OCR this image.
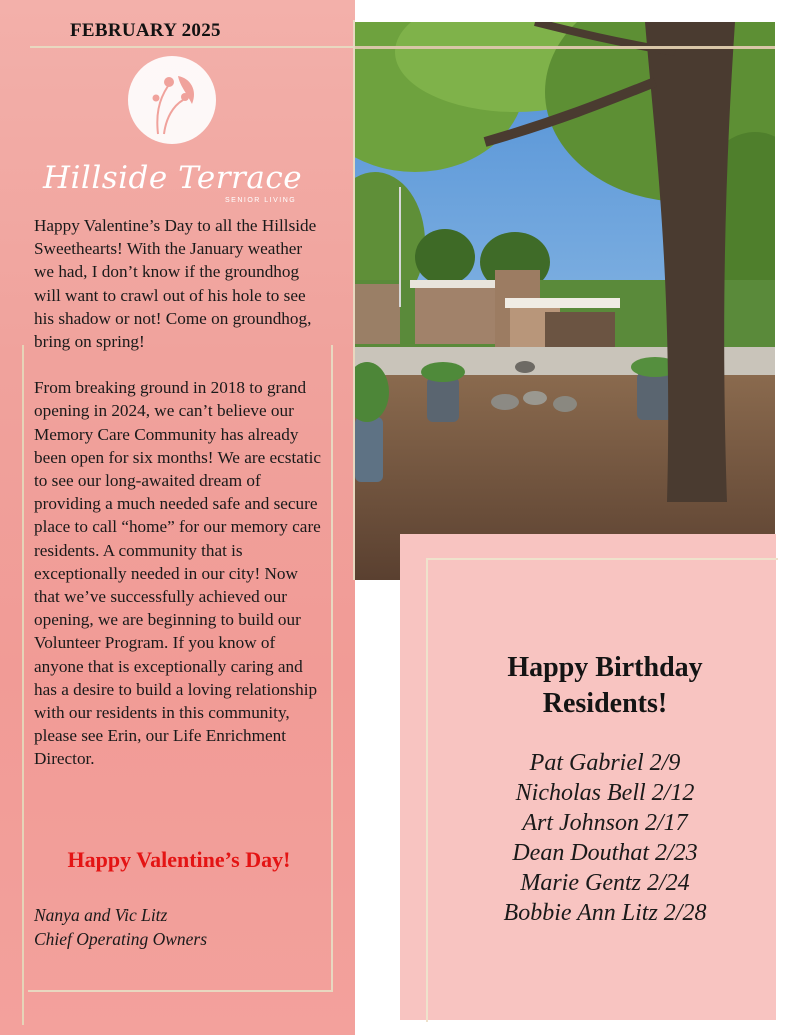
FEBRUARY 2025
Hillside Terrace
SENIOR LIVING

Happy Valentine’s Day to all the Hillside Sweethearts! With the January weather we had, I don’t know if the groundhog will want to crawl out of his hole to see his shadow or not! Come on groundhog, bring on spring!

From breaking ground in 2018 to grand opening in 2024, we can’t believe our Memory Care Community has already been open for six months! We are ecstatic to see our long-awaited dream of providing a much needed safe and secure place to call “home” for our memory care residents. A community that is exceptionally needed in our city! Now that we’ve successfully achieved our opening, we are beginning to build our Volunteer Program. If you know of anyone that is exceptionally caring and has a desire to build a loving relationship with our residents in this community, please see Erin, our Life Enrichment Director.

Happy Valentine’s Day!
Nanya and Vic Litz
Chief Operating Owners
Happy Birthday
Residents!
Pat Gabriel 2/9
Nicholas Bell 2/12
Art Johnson 2/17
Dean Douthat 2/23
Marie Gentz 2/24
Bobbie Ann Litz 2/28
